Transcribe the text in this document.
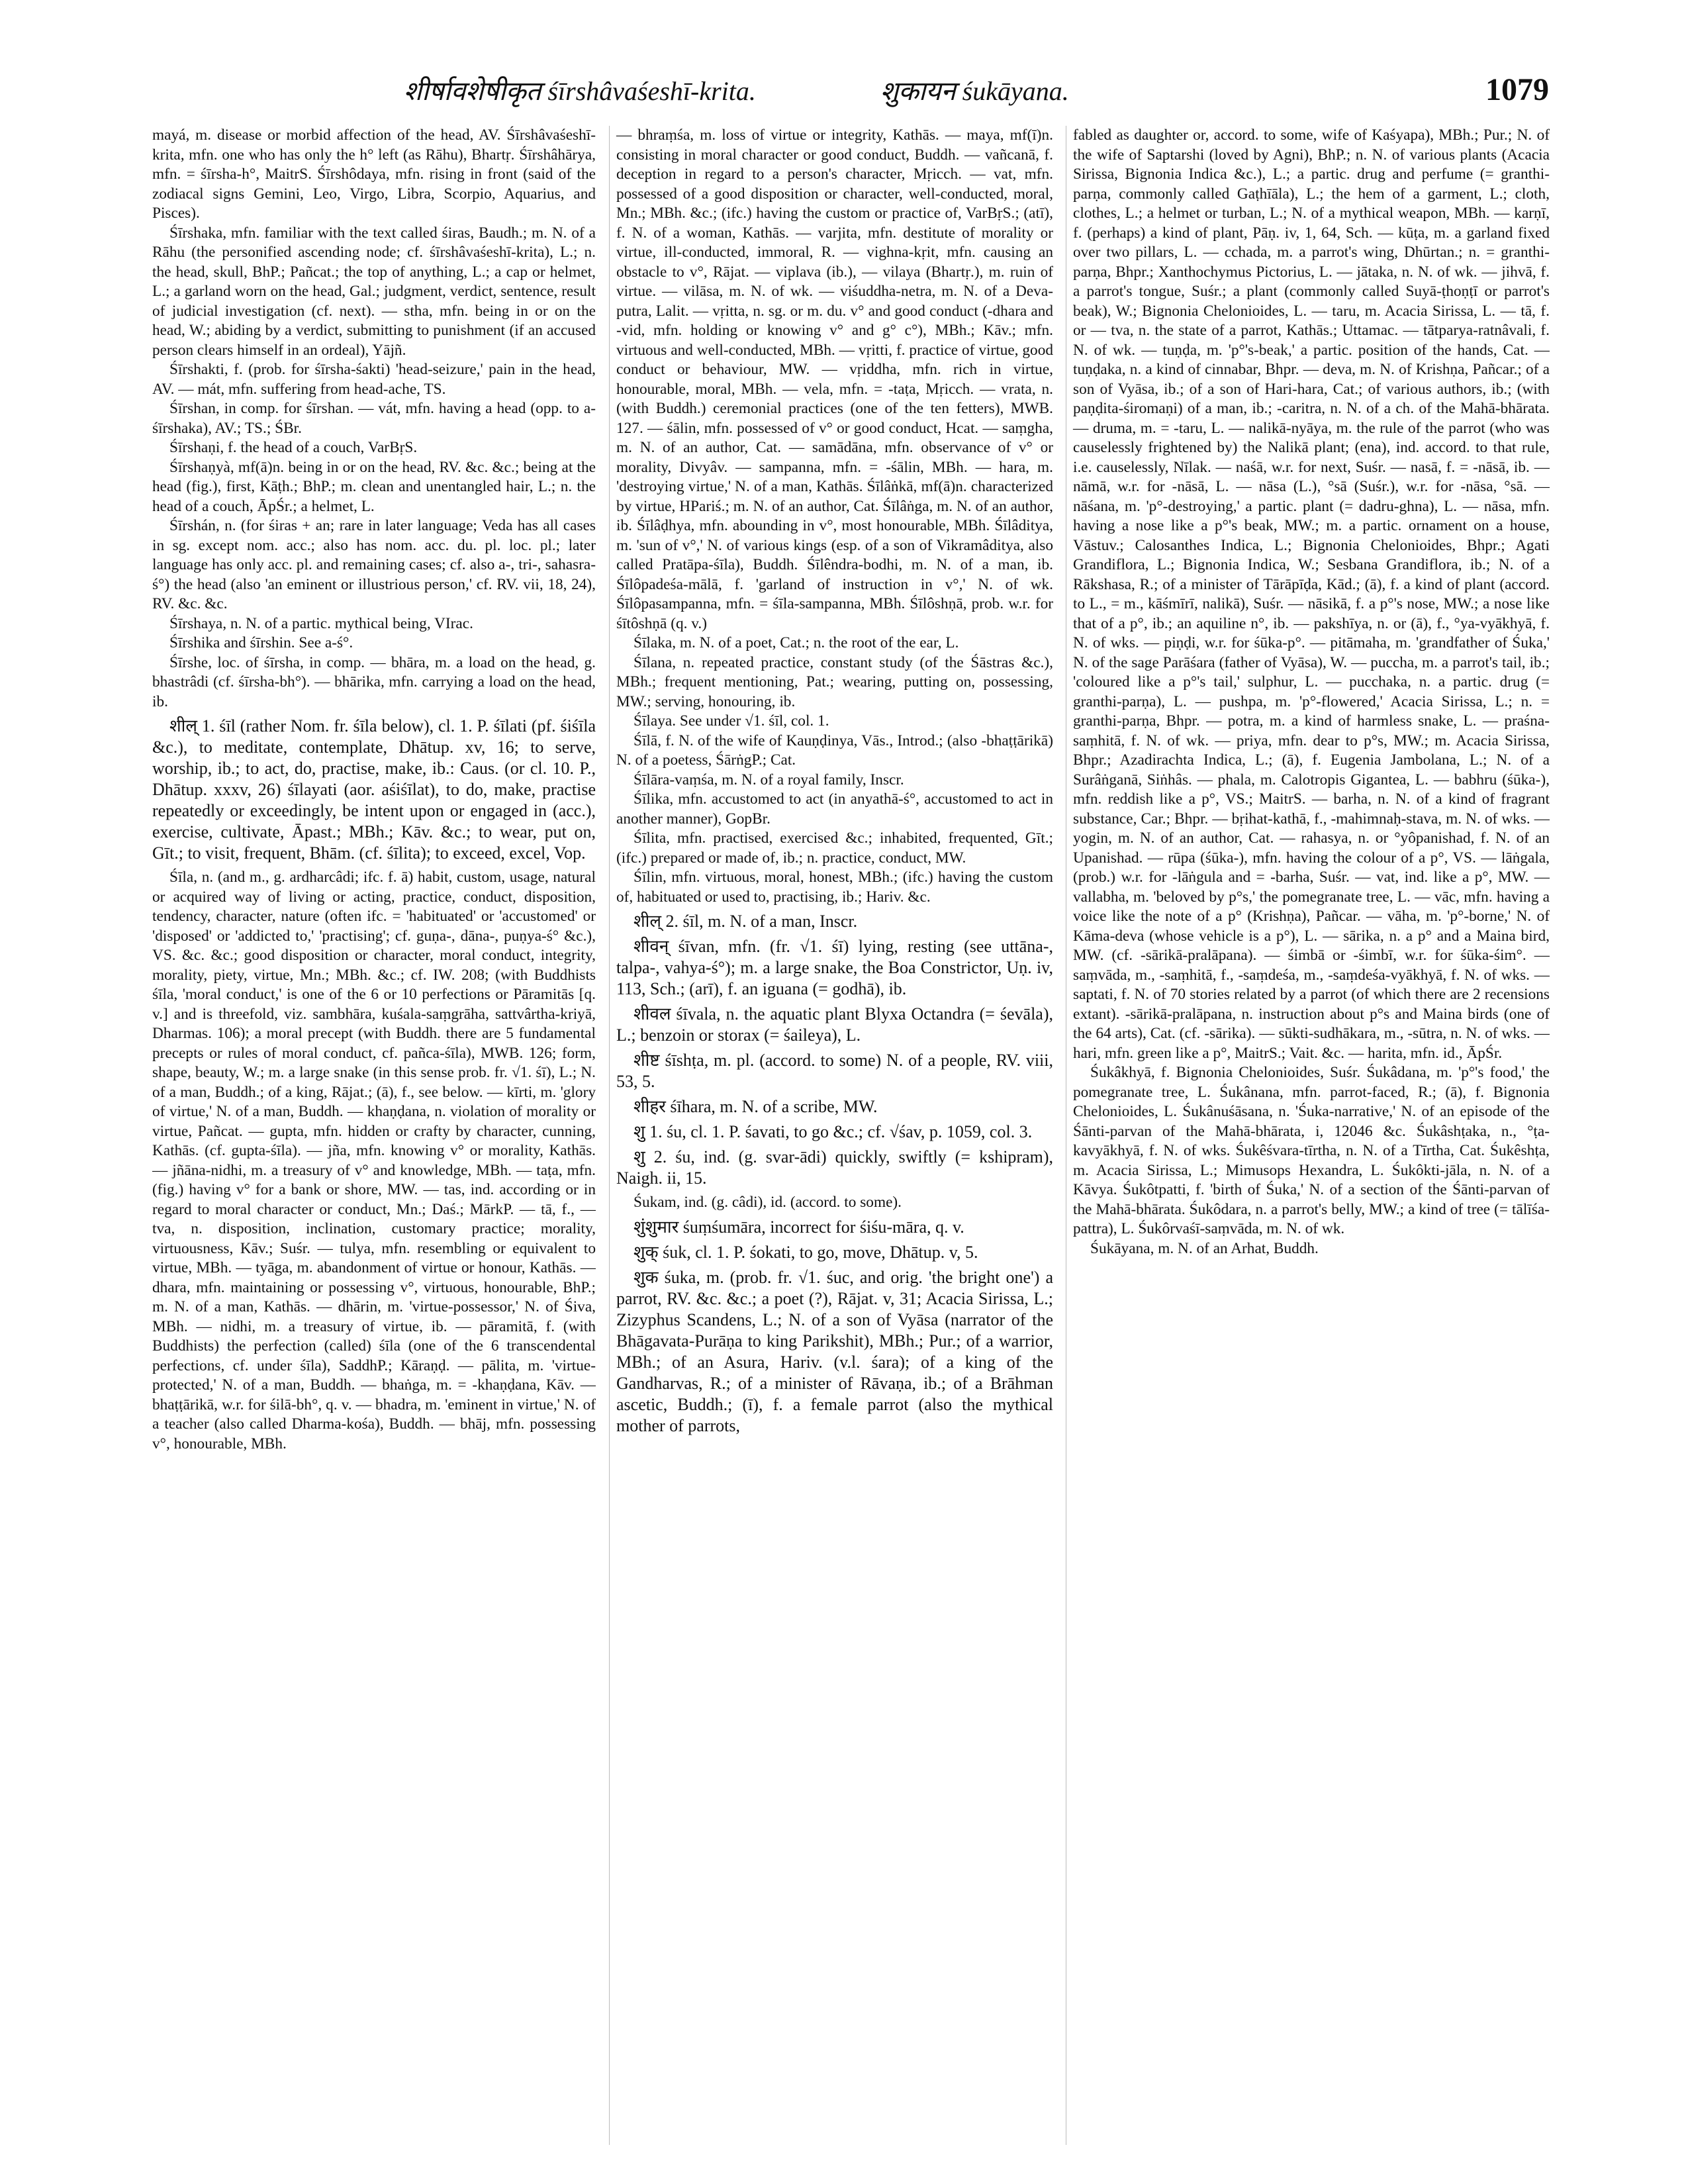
शीर्षावशेषीकृत śīrshâvaśeshī-krita.	शुकायन śukāyana.	1079

mayá, m. disease or morbid affection of the head, AV. Śīrshâvaśeshī-krita, mfn. one who has only the h° left (as Rāhu), Bhartṛ. Śīrshâhārya, mfn. = śīrsha-h°, MaitrS. Śīrshôdaya, mfn. rising in front (said of the zodiacal signs Gemini, Leo, Virgo, Libra, Scorpio, Aquarius, and Pisces).

Śīrshaka, mfn. familiar with the text called śiras, Baudh.; m. N. of a Rāhu (the personified ascending node; cf. śīrshâvaśeshī-krita), L.; n. the head, skull, BhP.; Pañcat.; the top of anything, L.; a cap or helmet, L.; a garland worn on the head, Gal.; judgment, verdict, sentence, result of judicial investigation (cf. next). — stha, mfn. being in or on the head, W.; abiding by a verdict, submitting to punishment (if an accused person clears himself in an ordeal), Yājñ.

Śīrshakti, f. (prob. for śīrsha-śakti) 'head-seizure,' pain in the head, AV. — mát, mfn. suffering from head-ache, TS.

Śīrshan, in comp. for śīrshan. — vát, mfn. having a head (opp. to a-śīrshaka), AV.; TS.; ŚBr.

Śīrshaṇi, f. the head of a couch, VarBṛS.

Śīrshaṇyà, mf(ā)n. being in or on the head, RV. &c. &c.; being at the head (fig.), first, Kāṭh.; BhP.; m. clean and unentangled hair, L.; n. the head of a couch, ĀpŚr.; a helmet, L.

Śīrshán, n. (for śiras + an; rare in later language; Veda has all cases in sg. except nom. acc.; also has nom. acc. du. pl. loc. pl.; later language has only acc. pl. and remaining cases; cf. also a-, tri-, sahasra-ś°) the head (also 'an eminent or illustrious person,' cf. RV. vii, 18, 24), RV. &c. &c.

Śīrshaya, n. N. of a partic. mythical being, VIrac.

Śīrshika and śīrshin. See a-ś°.

Śīrshe, loc. of śīrsha, in comp. — bhāra, m. a load on the head, g. bhastrâdi (cf. śīrsha-bh°). — bhārika, mfn. carrying a load on the head, ib.

शील् 1. śīl (rather Nom. fr. śīla below), cl. 1. P. śīlati (pf. śiśīla &c.), to meditate, contemplate, Dhātup. xv, 16; to serve, worship, ib.; to act, do, practise, make, ib.: Caus. (or cl. 10. P., Dhātup. xxxv, 26) śīlayati (aor. aśiśīlat), to do, make, practise repeatedly or exceedingly, be intent upon or engaged in (acc.), exercise, cultivate, Āpast.; MBh.; Kāv. &c.; to wear, put on, Gīt.; to visit, frequent, Bhām. (cf. śīlita); to exceed, excel, Vop.

Śīla, n. (and m., g. ardharcâdi; ifc. f. ā) habit, custom, usage, natural or acquired way of living or acting, practice, conduct, disposition, tendency, character, nature (often ifc. = 'habituated' or 'accustomed' or 'disposed' or 'addicted to,' 'practising'; cf. guṇa-, dāna-, puṇya-ś° &c.), VS. &c. &c.; good disposition or character, moral conduct, integrity, morality, piety, virtue, Mn.; MBh. &c.; cf. IW. 208; (with Buddhists śīla, 'moral conduct,' is one of the 6 or 10 perfections or Pāramitās [q. v.] and is threefold, viz. sambhāra, kuśala-saṃgrāha, sattvârtha-kriyā, Dharmas. 106); a moral precept (with Buddh. there are 5 fundamental precepts or rules of moral conduct, cf. pañca-śīla), MWB. 126; form, shape, beauty, W.; m. a large snake (in this sense prob. fr. √1. śī), L.; N. of a man, Buddh.; of a king, Rājat.; (ā), f., see below. — kīrti, m. 'glory of virtue,' N. of a man, Buddh. — khaṇḍana, n. violation of morality or virtue, Pañcat. — gupta, mfn. hidden or crafty by character, cunning, Kathās. (cf. gupta-śīla). — jña, mfn. knowing v° or morality, Kathās. — jñāna-nidhi, m. a treasury of v° and knowledge, MBh. — taṭa, mfn. (fig.) having v° for a bank or shore, MW. — tas, ind. according or in regard to moral character or conduct, Mn.; Daś.; MārkP. — tā, f., — tva, n. disposition, inclination, customary practice; morality, virtuousness, Kāv.; Suśr. — tulya, mfn. resembling or equivalent to virtue, MBh. — tyāga, m. abandonment of virtue or honour, Kathās. — dhara, mfn. maintaining or possessing v°, virtuous, honourable, BhP.; m. N. of a man, Kathās. — dhārin, m. 'virtue-possessor,' N. of Śiva, MBh. — nidhi, m. a treasury of virtue, ib. — pāramitā, f. (with Buddhists) the perfection (called) śīla (one of the 6 transcendental perfections, cf. under śīla), SaddhP.; Kāraṇḍ. — pālita, m. 'virtue-protected,' N. of a man, Buddh. — bhaṅga, m. = -khaṇḍana, Kāv. — bhaṭṭārikā, w.r. for śilā-bh°, q. v. — bhadra, m. 'eminent in virtue,' N. of a teacher (also called Dharma-kośa), Buddh. — bhāj, mfn. possessing v°, honourable, MBh.

— bhraṃśa, m. loss of virtue or integrity, Kathās. — maya, mf(ī)n. consisting in moral character or good conduct, Buddh. — vañcanā, f. deception in regard to a person's character, Mṛicch. — vat, mfn. possessed of a good disposition or character, well-conducted, moral, Mn.; MBh. &c.; (ifc.) having the custom or practice of, VarBṛS.; (atī), f. N. of a woman, Kathās. — varjita, mfn. destitute of morality or virtue, ill-conducted, immoral, R. — vighna-kṛit, mfn. causing an obstacle to v°, Rājat. — viplava (ib.), — vilaya (Bhartṛ.), m. ruin of virtue. — vilāsa, m. N. of wk. — viśuddha-netra, m. N. of a Deva-putra, Lalit. — vṛitta, n. sg. or m. du. v° and good conduct (-dhara and -vid, mfn. holding or knowing v° and g° c°), MBh.; Kāv.; mfn. virtuous and well-conducted, MBh. — vṛitti, f. practice of virtue, good conduct or behaviour, MW. — vṛiddha, mfn. rich in virtue, honourable, moral, MBh. — vela, mfn. = -taṭa, Mṛicch. — vrata, n. (with Buddh.) ceremonial practices (one of the ten fetters), MWB. 127. — śālin, mfn. possessed of v° or good conduct, Hcat. — saṃgha, m. N. of an author, Cat. — samādāna, mfn. observance of v° or morality, Divyâv. — sampanna, mfn. = -śālin, MBh. — hara, m. 'destroying virtue,' N. of a man, Kathās. Śīlâṅkā, mf(ā)n. characterized by virtue, HPariś.; m. N. of an author, Cat. Śīlâṅga, m. N. of an author, ib. Śīlâḍhya, mfn. abounding in v°, most honourable, MBh. Śīlâditya, m. 'sun of v°,' N. of various kings (esp. of a son of Vikramâditya, also called Pratāpa-śīla), Buddh. Śīlêndra-bodhi, m. N. of a man, ib. Śīlôpadeśa-mālā, f. 'garland of instruction in v°,' N. of wk. Śīlôpasampanna, mfn. = śīla-sampanna, MBh. Śīlôshṇā, prob. w.r. for śītôshṇā (q. v.)

Śīlaka, m. N. of a poet, Cat.; n. the root of the ear, L.

Śīlana, n. repeated practice, constant study (of the Śāstras &c.), MBh.; frequent mentioning, Pat.; wearing, putting on, possessing, MW.; serving, honouring, ib.

Śīlaya. See under √1. śīl, col. 1.

Śīlā, f. N. of the wife of Kauṇḍinya, Vās., Introd.; (also -bhaṭṭārikā) N. of a poetess, ŚārṅgP.; Cat.

Śīlāra-vaṃśa, m. N. of a royal family, Inscr.

Śīlika, mfn. accustomed to act (in anyathā-ś°, accustomed to act in another manner), GopBr.

Śīlita, mfn. practised, exercised &c.; inhabited, frequented, Gīt.; (ifc.) prepared or made of, ib.; n. practice, conduct, MW.

Śīlin, mfn. virtuous, moral, honest, MBh.; (ifc.) having the custom of, habituated or used to, practising, ib.; Hariv. &c.

शील् 2. śīl, m. N. of a man, Inscr.

शीवन् śīvan, mfn. (fr. √1. śī) lying, resting (see uttāna-, talpa-, vahya-ś°); m. a large snake, the Boa Constrictor, Uṇ. iv, 113, Sch.; (arī), f. an iguana (= godhā), ib.

शीवल śīvala, n. the aquatic plant Blyxa Octandra (= śevāla), L.; benzoin or storax (= śaileya), L.

शीष्ट śīshṭa, m. pl. (accord. to some) N. of a people, RV. viii, 53, 5.

शीहर śīhara, m. N. of a scribe, MW.

शु 1. śu, cl. 1. P. śavati, to go &c.; cf. √śav, p. 1059, col. 3.

शु 2. śu, ind. (g. svar-ādi) quickly, swiftly (= kshipram), Naigh. ii, 15.

Śukam, ind. (g. câdi), id. (accord. to some).

शुंशुमार śuṃśumāra, incorrect for śiśu-māra, q. v.

शुक् śuk, cl. 1. P. śokati, to go, move, Dhātup. v, 5.

शुक śuka, m. (prob. fr. √1. śuc, and orig. 'the bright one') a parrot, RV. &c. &c.; a poet (?), Rājat. v, 31; Acacia Sirissa, L.; Zizyphus Scandens, L.; N. of a son of Vyāsa (narrator of the Bhāgavata-Purāṇa to king Parikshit), MBh.; Pur.; of a warrior, MBh.; of an Asura, Hariv. (v.l. śara); of a king of the Gandharvas, R.; of a minister of Rāvaṇa, ib.; of a Brāhman ascetic, Buddh.; (ī), f. a female parrot (also the mythical mother of parrots,

fabled as daughter or, accord. to some, wife of Kaśyapa), MBh.; Pur.; N. of the wife of Saptarshi (loved by Agni), BhP.; n. N. of various plants (Acacia Sirissa, Bignonia Indica &c.), L.; a partic. drug and perfume (= granthi-parṇa, commonly called Gaṭhīāla), L.; the hem of a garment, L.; cloth, clothes, L.; a helmet or turban, L.; N. of a mythical weapon, MBh. — karṇī, f. (perhaps) a kind of plant, Pāṇ. iv, 1, 64, Sch. — kūṭa, m. a garland fixed over two pillars, L. — cchada, m. a parrot's wing, Dhūrtan.; n. = granthi-parṇa, Bhpr.; Xanthochymus Pictorius, L. — jātaka, n. N. of wk. — jihvā, f. a parrot's tongue, Suśr.; a plant (commonly called Suyā-ṭhoṇṭī or parrot's beak), W.; Bignonia Chelonioides, L. — taru, m. Acacia Sirissa, L. — tā, f. or — tva, n. the state of a parrot, Kathās.; Uttamac. — tātparya-ratnâvali, f. N. of wk. — tuṇḍa, m. 'p°'s-beak,' a partic. position of the hands, Cat. — tuṇḍaka, n. a kind of cinnabar, Bhpr. — deva, m. N. of Krishṇa, Pañcar.; of a son of Vyāsa, ib.; of a son of Hari-hara, Cat.; of various authors, ib.; (with paṇḍita-śiromaṇi) of a man, ib.; -caritra, n. N. of a ch. of the Mahā-bhārata. — druma, m. = -taru, L. — nalikā-nyāya, m. the rule of the parrot (who was causelessly frightened by) the Nalikā plant; (ena), ind. accord. to that rule, i.e. causelessly, Nīlak. — naśā, w.r. for next, Suśr. — nasā, f. = -nāsā, ib. — nāmā, w.r. for -nāsā, L. — nāsa (L.), °sā (Suśr.), w.r. for -nāsa, °sā. — nāśana, m. 'p°-destroying,' a partic. plant (= dadru-ghna), L. — nāsa, mfn. having a nose like a p°'s beak, MW.; m. a partic. ornament on a house, Vāstuv.; Calosanthes Indica, L.; Bignonia Chelonioides, Bhpr.; Agati Grandiflora, L.; Bignonia Indica, W.; Sesbana Grandiflora, ib.; N. of a Rākshasa, R.; of a minister of Tārāpīḍa, Kād.; (ā), f. a kind of plant (accord. to L., = m., kāśmīrī, nalikā), Suśr. — nāsikā, f. a p°'s nose, MW.; a nose like that of a p°, ib.; an aquiline n°, ib. — pakshīya, n. or (ā), f., °ya-vyākhyā, f. N. of wks. — piṇḍi, w.r. for śūka-p°. — pitāmaha, m. 'grandfather of Śuka,' N. of the sage Parāśara (father of Vyāsa), W. — puccha, m. a parrot's tail, ib.; 'coloured like a p°'s tail,' sulphur, L. — pucchaka, n. a partic. drug (= granthi-parṇa), L. — pushpa, m. 'p°-flowered,' Acacia Sirissa, L.; n. = granthi-parṇa, Bhpr. — potra, m. a kind of harmless snake, L. — praśna-saṃhitā, f. N. of wk. — priya, mfn. dear to p°s, MW.; m. Acacia Sirissa, Bhpr.; Azadirachta Indica, L.; (ā), f. Eugenia Jambolana, L.; N. of a Surâṅganā, Siṅhâs. — phala, m. Calotropis Gigantea, L. — babhru (śūka-), mfn. reddish like a p°, VS.; MaitrS. — barha, n. N. of a kind of fragrant substance, Car.; Bhpr. — bṛihat-kathā, f., -mahimnaḥ-stava, m. N. of wks. — yogin, m. N. of an author, Cat. — rahasya, n. or °yôpanishad, f. N. of an Upanishad. — rūpa (śūka-), mfn. having the colour of a p°, VS. — lāṅgala, (prob.) w.r. for -lāṅgula and = -barha, Suśr. — vat, ind. like a p°, MW. — vallabha, m. 'beloved by p°s,' the pomegranate tree, L. — vāc, mfn. having a voice like the note of a p° (Krishṇa), Pañcar. — vāha, m. 'p°-borne,' N. of Kāma-deva (whose vehicle is a p°), L. — sārika, n. a p° and a Maina bird, MW. (cf. -sārikā-pralāpana). — śimbā or -śimbī, w.r. for śūka-śim°. — saṃvāda, m., -saṃhitā, f., -saṃdeśa, m., -saṃdeśa-vyākhyā, f. N. of wks. — saptati, f. N. of 70 stories related by a parrot (of which there are 2 recensions extant). -sārikā-pralāpana, n. instruction about p°s and Maina birds (one of the 64 arts), Cat. (cf. -sārika). — sūkti-sudhākara, m., -sūtra, n. N. of wks. — hari, mfn. green like a p°, MaitrS.; Vait. &c. — harita, mfn. id., ĀpŚr.

Śukâkhyā, f. Bignonia Chelonioides, Suśr. Śukâdana, m. 'p°'s food,' the pomegranate tree, L. Śukânana, mfn. parrot-faced, R.; (ā), f. Bignonia Chelonioides, L. Śukânuśāsana, n. 'Śuka-narrative,' N. of an episode of the Śānti-parvan of the Mahā-bhārata, i, 12046 &c. Śukâshṭaka, n., °ṭa-kavyākhyā, f. N. of wks. Śukêśvara-tīrtha, n. N. of a Tīrtha, Cat. Śukêshṭa, m. Acacia Sirissa, L.; Mimusops Hexandra, L. Śukôkti-jāla, n. N. of a Kāvya. Śukôtpatti, f. 'birth of Śuka,' N. of a section of the Śānti-parvan of the Mahā-bhārata. Śukôdara, n. a parrot's belly, MW.; a kind of tree (= tālīśa-pattra), L. Śukôrvaśī-saṃvāda, m. N. of wk.

Śukāyana, m. N. of an Arhat, Buddh.
